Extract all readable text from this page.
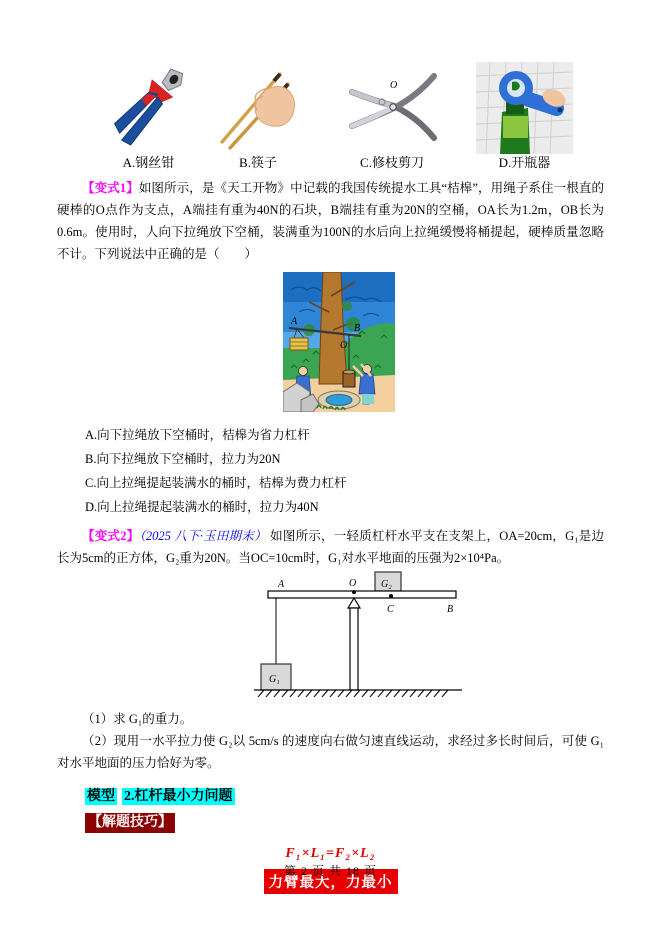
A.钢丝钳	B.筷子
O
C.修枝剪刀	D.开瓶器

【变式1】如图所示，是《天工开物》中记载的我国传统提水工具“桔槔”，用绳子系住一根直的硬棒的O点作为支点，A端挂有重为40N的石块，B端挂有重为20N的空桶，OA长为1.2m，OB长为0.6m。使用时，人向下拉绳放下空桶，装满重为100N的水后向上拉绳缓慢将桶提起，硬棒质量忽略不计。下列说法中正确的是（　　）

A
O
B

A.向下拉绳放下空桶时，桔槔为省力杠杆

B.向下拉绳放下空桶时，拉力为20N

C.向上拉绳提起装满水的桶时，桔槔为费力杠杆

D.向上拉绳提起装满水的桶时，拉力为40N

【变式2】（2025 八下·玉田期末） 如图所示，一轻质杠杆水平支在支架上，OA=20cm，G₁是边长为5cm的正方体，G₂重为20N。当OC=10cm时，G₁对水平地面的压强为2×10⁴Pa。

G₂
A	O
C	B
G₁

（1）求 G₁的重力。

（2）现用一水平拉力使 G₂以 5cm/s 的速度向右做匀速直线运动，求经过多长时间后，可使 G₁对水平地面的压力恰好为零。

模型 2.杠杆最小力问题
【解题技巧】
F₁×L₁=F₂×L₂
力臂最大，力最小
第 2 页 共 18 页
